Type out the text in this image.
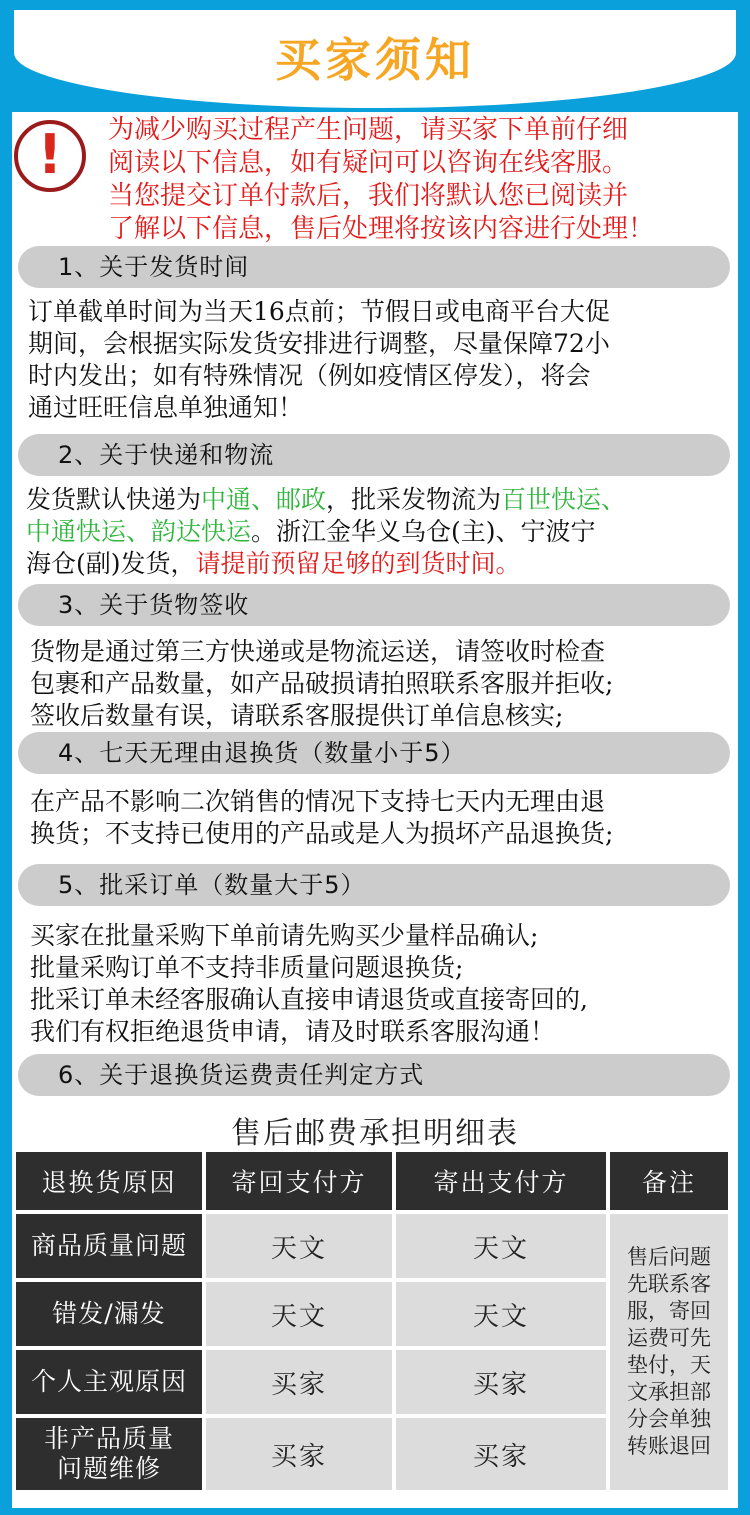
买家须知
!	为减少购买过程产生问题，请买家下单前仔细
阅读以下信息，如有疑问可以咨询在线客服。
当您提交订单付款后，我们将默认您已阅读并
了解以下信息，售后处理将按该内容进行处理！
1、关于发货时间
订单截单时间为当天16点前；节假日或电商平台大促
期间，会根据实际发货安排进行调整，尽量保障72小
时内发出；如有特殊情况（例如疫情区停发），将会
通过旺旺信息单独通知！
2、关于快递和物流
发货默认快递为中通、邮政，批采发物流为百世快运、
中通快运、韵达快运。浙江金华义乌仓(主)、宁波宁
海仓(副)发货，请提前预留足够的到货时间。
3、关于货物签收
货物是通过第三方快递或是物流运送，请签收时检查
包裹和产品数量，如产品破损请拍照联系客服并拒收;
签收后数量有误，请联系客服提供订单信息核实;
4、七天无理由退换货（数量小于5）
在产品不影响二次销售的情况下支持七天内无理由退
换货；不支持已使用的产品或是人为损坏产品退换货;
5、批采订单（数量大于5）
买家在批量采购下单前请先购买少量样品确认;
批量采购订单不支持非质量问题退换货;
批采订单未经客服确认直接申请退货或直接寄回的,
我们有权拒绝退货申请，请及时联系客服沟通！
6、关于退换货运费责任判定方式
售后邮费承担明细表
退换货原因	寄回支付方	寄出支付方	备注
商品质量问题	天文	天文
错发/漏发	天文	天文
个人主观原因	买家	买家
非产品质量
问题维修	买家	买家
售后问题
先联系客
服，寄回
运费可先
垫付，天
文承担部
分会单独
转账退回
